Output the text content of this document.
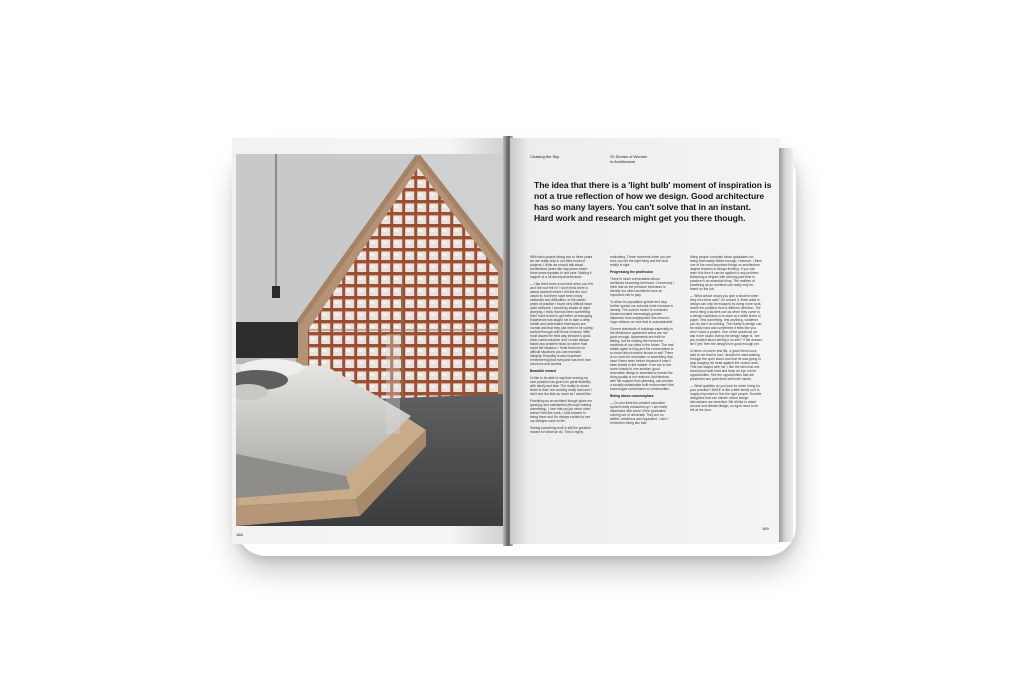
Photography — Tom Ross
168
Chasing the Sky	20 Stories of Women
in Architecture

The idea that there is a 'light bulb' moment of inspiration is not a true reflection of how we design. Good architecture has so many layers. You can't solve that in an instant. Hard work and research might get you there though.

With each project taking two to three years we are really only in our third round of projects. I think we should talk about architecture years like dog years where three years equates to one year. Making it happen is a lot about perseverance.

— Has there been a moment when you felt as if the roof fell in? I don't think there is actual moment where I felt like the roof caved in, but there have been many obstacles and difficulties. In the earlier years of practice I found very difficult issue quite stressful, I would lay awake at night worrying. I think that has been something that I have learnt to get better at managing. Experience has taught me to take a deep breath and understand that issues are normal and that they just need to be calmly worked through with those involved. With most issues the best way forward is good clear communication and I would always tackle any problem head on rather than avoid the situation. I think that even in difficult situations you can maintain integrity. Empathy is also important remembering that everyone has their own concerns and worries.

Beautiful reward

I'd like to be able to say that running my own practice has given me great flexibility with family and kids. The reality in recent times is that I am working really hard and I don't see the kids as much as I would like.

Practising as an architect though gives me great joy and satisfaction (through making something). I love that my job never often doesn't feel like work, I look forward to being there and I'm always excited to see our designs come to life.

Seeing something built is still the greatest reward for what we do. This is highly

motivating. Those moments when you are sure you did the right thing and the built reality is right.

Progressing the profession

There is much conversation about architects becoming irrelevant. Conversely I think that as the pressure increases to densify our cities architects have an important role to play.

To allow for population growth and stop further sprawl our suburbs must increase in density. The current model of oversized houses located increasingly greater distances from employment has meant a huge reliance on cars that is unsustainable.

Current standards of buildings especially in the Melbourne apartment arena are not good enough. Apartments are built for selling, not for making the homes for residents of our cities in the future. The real estate agent is king and the conversation is so much about what is known to sell. There is no room for innovation or something that hasn't been seen before because it hasn't been tested in the market. If we are to live more closely to one another, good innovative design is essential to ensure the living quality is not reduced. Architecture, with the support from planning, can provide a socially sustainable built environment that encourages connections to communities.

Rising above commonplace

— Do you think the present education system really measures up? I am really impressed with some of the graduates coming out of university. They are so skilled, ambitious and organised. I don't remember being like that.

Many people complain about graduates not being technically skilled enough. However, I think one of the most important things an architecture degree teaches is design thinking. If you can learn this then it can be applied to any problem. Balancing a degree with working part-time in practice is an essential thing. The realities of practising as an architect can really only be learnt on the job.

— What advice would you give a student when they hit a brick wall? Go around it. Brick walls in design can only be escaped by doing more work, tackle the problem from a different direction. The worst thing a student can do when they come to a design roadblock is to stare at a white sheet of paper. Test something, test anything, whatever you do don't do nothing. The reality is design can be really hard and sometimes it feels like you won't crack a project. One of the questions we ask in the studio during the design stage is, 'are you excited about seeing it on site?' If the answer isn't 'yes' then the design isn't good enough yet.

In terms of career and life, a good friend once said to me that he had, 'decided to start walking through the open doors and that he was going to stop banging his head against the closed ones.' This has stayed with me. I like the idea that one should just walk hard and keep an eye out for opportunities. See the opportunities that are presented and grab them with both hands.

— What qualities do you look for when hiring for your practice? MAKE is like a little family so it is hugely important to find the right people. Durable designers that can handle robust design discussions are essential. We all like to stand around and debate design, so egos need to be left at the door.

169
